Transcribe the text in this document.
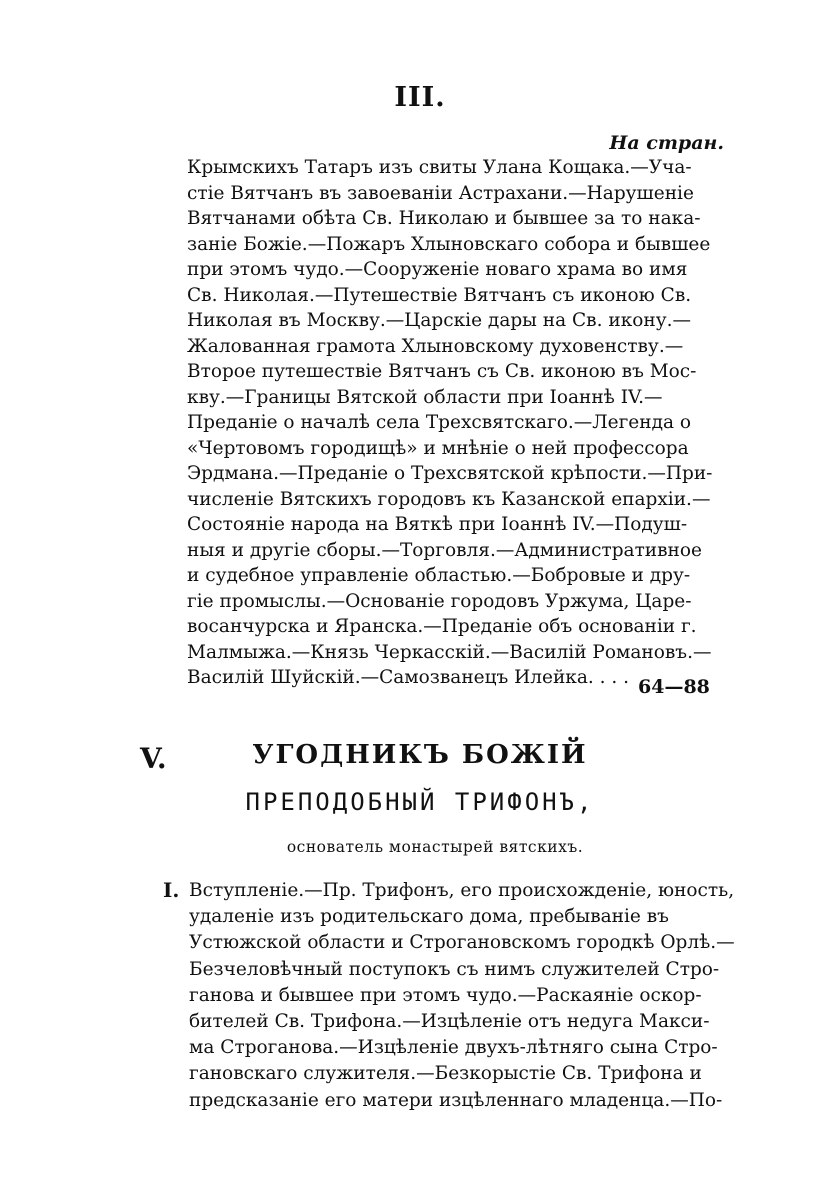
III.
На стран.
Крымскихъ Татаръ изъ свиты Улана Кощака.—Уча-
стіе Вятчанъ въ завоеваніи Астрахани.—Нарушеніе
Вятчанами обѣта Св. Николаю и бывшее за то нака-
заніе Божіе.—Пожаръ Хлыновскаго собора и бывшее
при этомъ чудо.—Сооруженіе новаго храма во имя
Св. Николая.—Путешествіе Вятчанъ съ иконою Св.
Николая въ Москву.—Царскіе дары на Св. икону.—
Жалованная грамота Хлыновскому духовенству.—
Второе путешествіе Вятчанъ съ Св. иконою въ Мос-
кву.—Границы Вятской области при Іоаннѣ IV.—
Преданіе о началѣ села Трехсвятскаго.—Легенда о
«Чертовомъ городищѣ» и мнѣніе о ней профессора
Эрдмана.—Преданіе о Трехсвятской крѣпости.—При-
численіе Вятскихъ городовъ къ Казанской епархіи.—
Состояніе народа на Вяткѣ при Іоаннѣ IV.—Подуш-
ныя и другіе сборы.—Торговля.—Административное
и судебное управленіе областью.—Бобровые и дру-
гіе промыслы.—Основаніе городовъ Уржума, Царе-
восанчурска и Яранска.—Преданіе объ основаніи г.
Малмыжа.—Князь Черкасскій.—Василій Романовъ.—
Василій Шуйскій.—Самозванецъ Илейка. . . . 64—88
V.	УГОДНИКЪ БОЖІЙ
ПРЕПОДОБНЫЙ ТРИФОНЪ,
основатель монастырей вятскихъ.
I. Вступленіе.—Пр. Трифонъ, его происхожденіе, юность,
удаленіе изъ родительскаго дома, пребываніе въ
Устюжской области и Строгановскомъ городкѣ Орлѣ.—
Безчеловѣчный поступокъ съ нимъ служителей Стро-
ганова и бывшее при этомъ чудо.—Раскаяніе оскор-
бителей Св. Трифона.—Изцѣленіе отъ недуга Макси-
ма Строганова.—Изцѣленіе двухъ-лѣтняго сына Стро-
гановскаго служителя.—Безкорыстіе Св. Трифона и
предсказаніе его матери изцѣленнаго младенца.—По-
